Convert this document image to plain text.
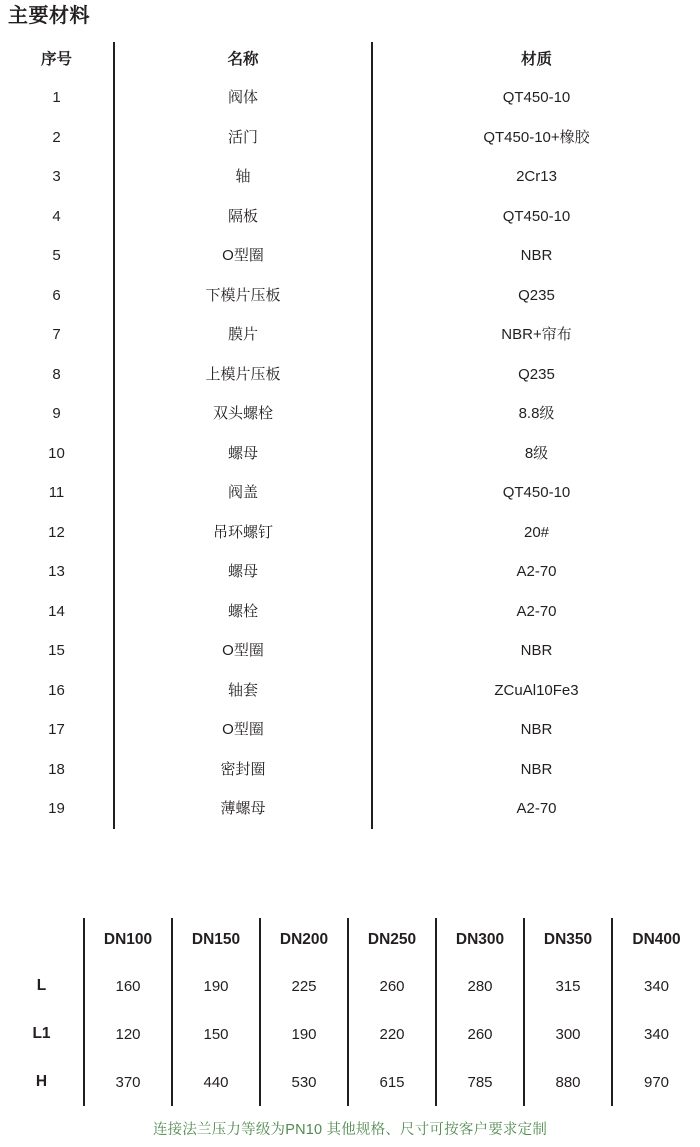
主要材料
序号	名称	材质
1	阀体	QT450-10
2	活门	QT450-10+橡胶
3	轴	2Cr13
4	隔板	QT450-10
5	O型圈	NBR
6	下模片压板	Q235
7	膜片	NBR+帘布
8	上模片压板	Q235
9	双头螺栓	8.8级
10	螺母	8级
11	阀盖	QT450-10
12	吊环螺钉	20#
13	螺母	A2-70
14	螺栓	A2-70
15	O型圈	NBR
16	轴套	ZCuAl10Fe3
17	O型圈	NBR
18	密封圈	NBR
19	薄螺母	A2-70
	DN100	DN150	DN200	DN250	DN300	DN350	DN400
L	160	190	225	260	280	315	340
L1	120	150	190	220	260	300	340
H	370	440	530	615	785	880	970
连接法兰压力等级为PN10 其他规格、尺寸可按客户要求定制
